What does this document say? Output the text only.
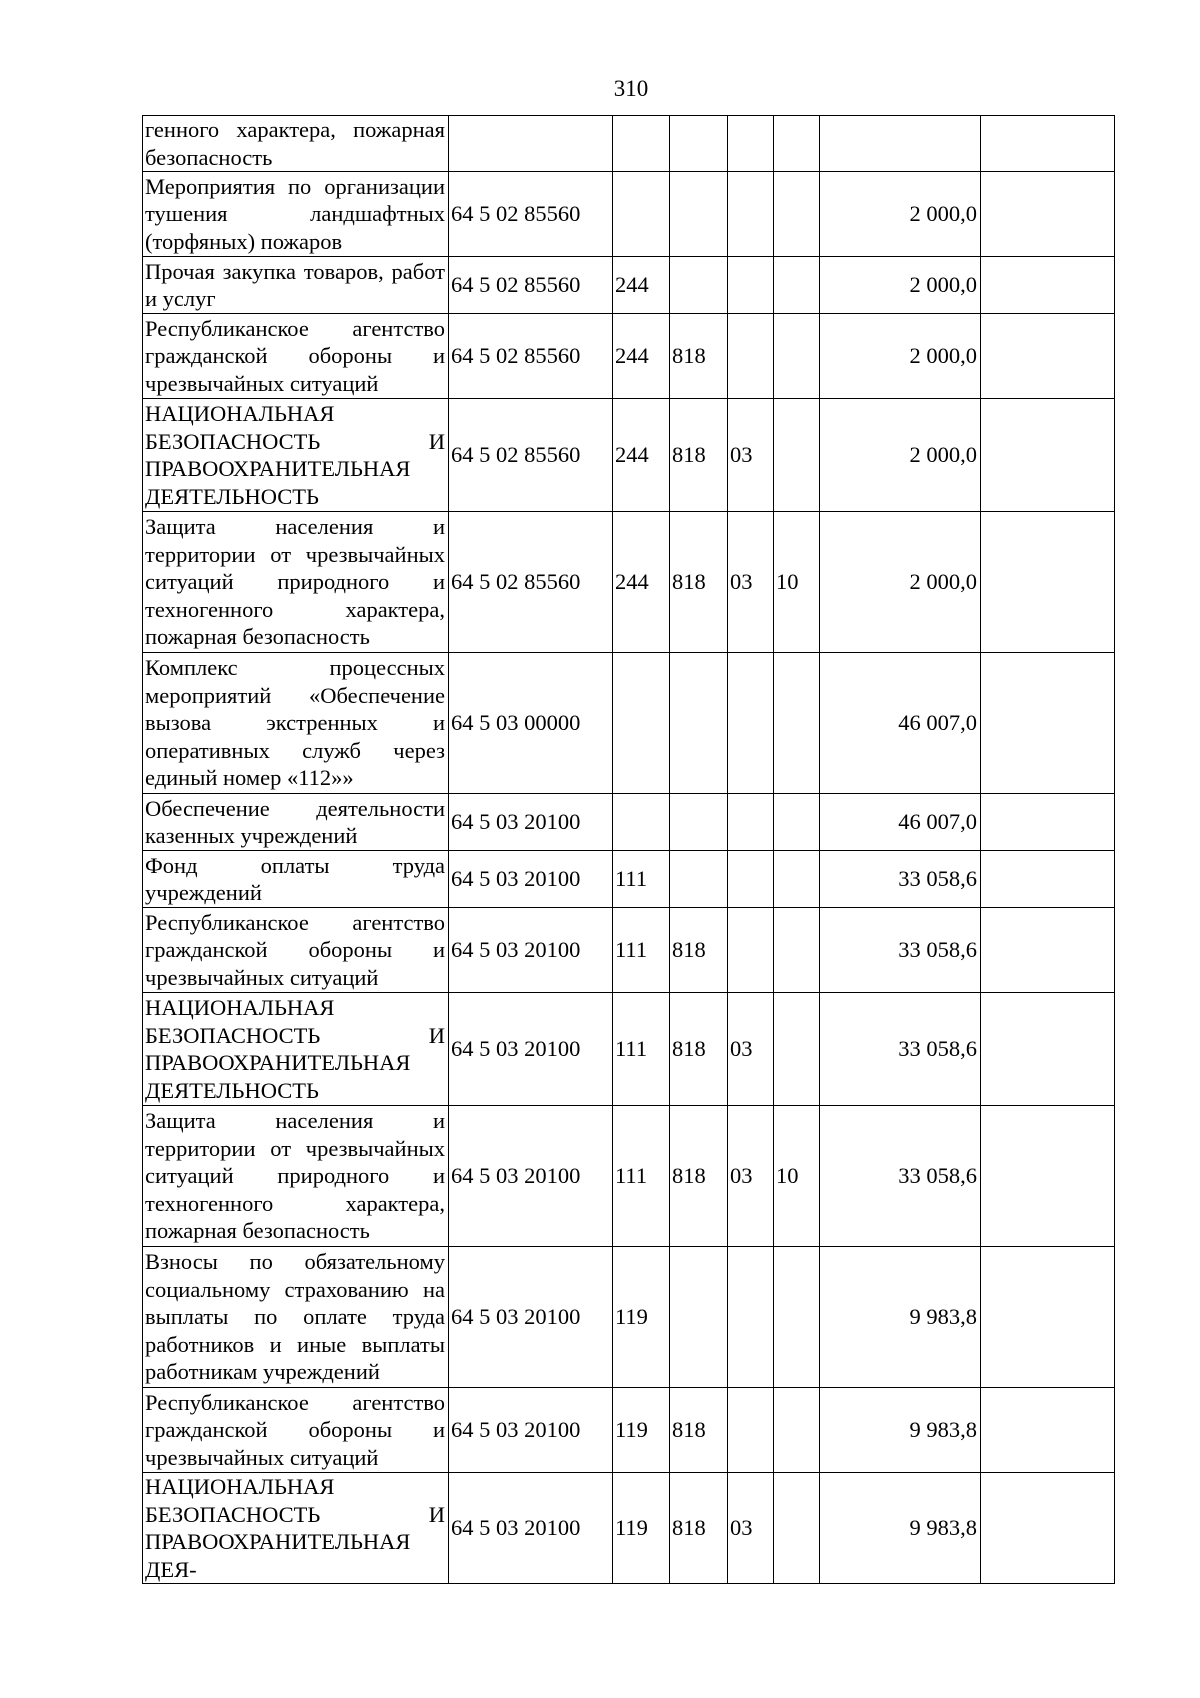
310
генного характера, пожарная безопасность							
Мероприятия по организации тушения ландшафтных (торфяных) пожаров	64 5 02 85560					2 000,0	
Прочая закупка товаров, работ и услуг	64 5 02 85560	244				2 000,0	
Республиканское агентство гражданской обороны и чрезвычайных ситуаций	64 5 02 85560	244	818			2 000,0	
НАЦИОНАЛЬНАЯ БЕЗОПАСНОСТЬ И ПРАВООХРАНИТЕЛЬНАЯ ДЕЯТЕЛЬНОСТЬ	64 5 02 85560	244	818	03		2 000,0	
Защита населения и территории от чрезвычайных ситуаций природного и техногенного характера, пожарная безопасность	64 5 02 85560	244	818	03	10	2 000,0	
Комплекс процессных мероприятий «Обеспечение вызова экстренных и оперативных служб через единый номер «112»»	64 5 03 00000					46 007,0	
Обеспечение деятельности казенных учреждений	64 5 03 20100					46 007,0	
Фонд оплаты труда учреждений	64 5 03 20100	111				33 058,6	
Республиканское агентство гражданской обороны и чрезвычайных ситуаций	64 5 03 20100	111	818			33 058,6	
НАЦИОНАЛЬНАЯ БЕЗОПАСНОСТЬ И ПРАВООХРАНИТЕЛЬНАЯ ДЕЯТЕЛЬНОСТЬ	64 5 03 20100	111	818	03		33 058,6	
Защита населения и территории от чрезвычайных ситуаций природного и техногенного характера, пожарная безопасность	64 5 03 20100	111	818	03	10	33 058,6	
Взносы по обязательному социальному страхованию на выплаты по оплате труда работников и иные выплаты работникам учреждений	64 5 03 20100	119				9 983,8	
Республиканское агентство гражданской обороны и чрезвычайных ситуаций	64 5 03 20100	119	818			9 983,8	
НАЦИОНАЛЬНАЯ БЕЗОПАСНОСТЬ И ПРАВООХРАНИТЕЛЬНАЯ ДЕЯ-	64 5 03 20100	119	818	03		9 983,8	
